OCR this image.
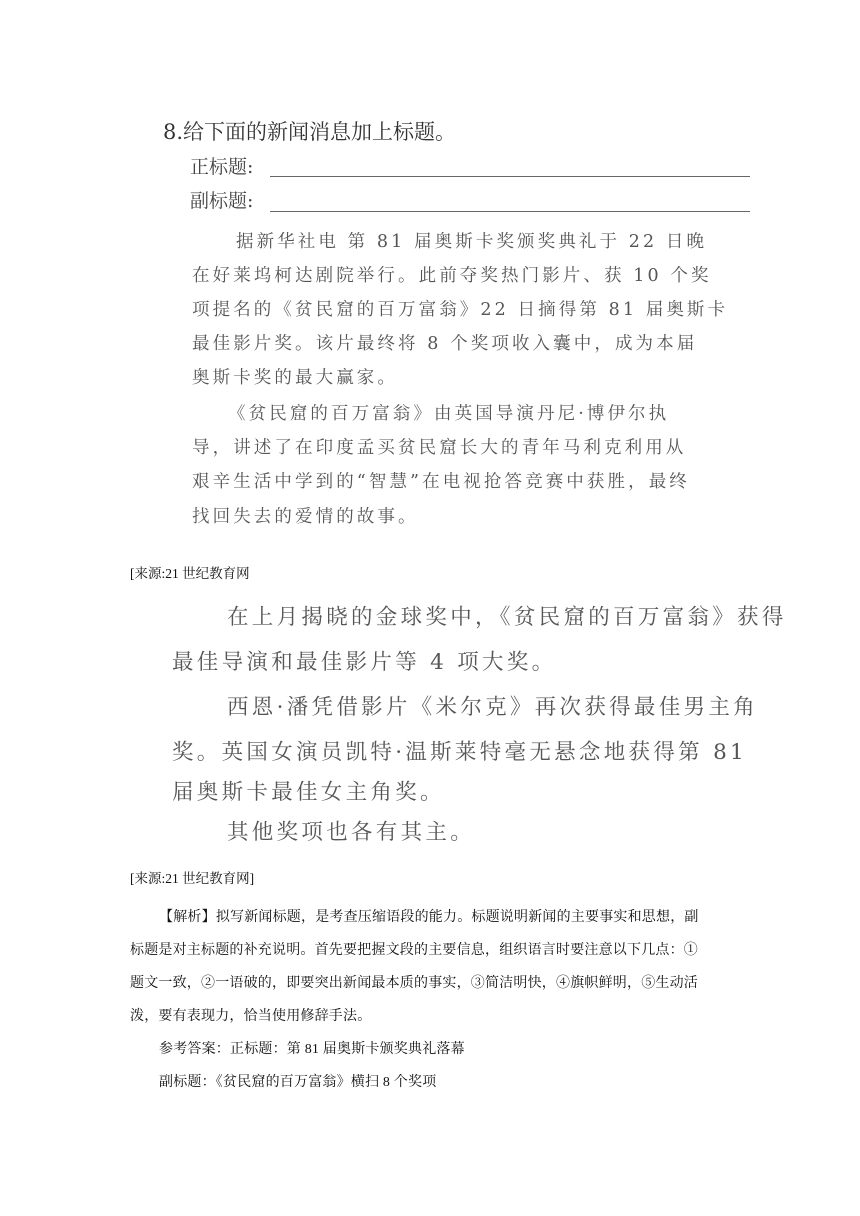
8.给下面的新闻消息加上标题。
正标题:
副标题:
据新华社电 第 81 届奥斯卡奖颁奖典礼于 22 日晚
在好莱坞柯达剧院举行。此前夺奖热门影片、获 10 个奖
项提名的《贫民窟的百万富翁》22 日摘得第 81 届奥斯卡
最佳影片奖。该片最终将 8 个奖项收入囊中，成为本届
奥斯卡奖的最大赢家。
《贫民窟的百万富翁》由英国导演丹尼·博伊尔执
导，讲述了在印度孟买贫民窟长大的青年马利克利用从
艰辛生活中学到的“智慧”在电视抢答竞赛中获胜，最终
找回失去的爱情的故事。
[来源:21 世纪教育网
在上月揭晓的金球奖中，《贫民窟的百万富翁》获得
最佳导演和最佳影片等 4 项大奖。
西恩·潘凭借影片《米尔克》再次获得最佳男主角
奖。英国女演员凯特·温斯莱特毫无悬念地获得第 81
届奥斯卡最佳女主角奖。
其他奖项也各有其主。
[来源:21 世纪教育网]
【解析】拟写新闻标题，是考查压缩语段的能力。标题说明新闻的主要事实和思想，副
标题是对主标题的补充说明。首先要把握文段的主要信息，组织语言时要注意以下几点：①
题文一致，②一语破的，即要突出新闻最本质的事实，③简洁明快，④旗帜鲜明，⑤生动活
泼，要有表现力，恰当使用修辞手法。
参考答案：正标题：第 81 届奥斯卡颁奖典礼落幕
副标题：《贫民窟的百万富翁》横扫 8 个奖项
